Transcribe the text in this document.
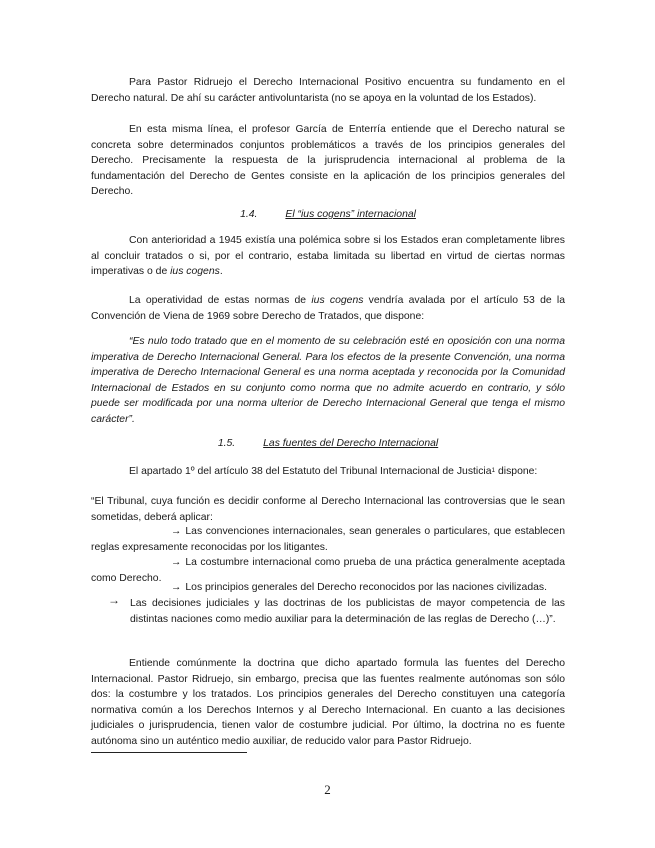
Para Pastor Ridruejo el Derecho Internacional Positivo encuentra su fundamento en el Derecho natural. De ahí su carácter antivoluntarista (no se apoya en la voluntad de los Estados).

En esta misma línea, el profesor García de Enterría entiende que el Derecho natural se concreta sobre determinados conjuntos problemáticos a través de los principios generales del Derecho. Precisamente la respuesta de la jurisprudencia internacional al problema de la fundamentación del Derecho de Gentes consiste en la aplicación de los principios generales del Derecho.

1.4.	El “ius cogens” internacional

Con anterioridad a 1945 existía una polémica sobre si los Estados eran completamente libres al concluir tratados o si, por el contrario, estaba limitada su libertad en virtud de ciertas normas imperativas o de ius cogens.

La operatividad de estas normas de ius cogens vendría avalada por el artículo 53 de la Convención de Viena de 1969 sobre Derecho de Tratados, que dispone:

“Es nulo todo tratado que en el momento de su celebración esté en oposición con una norma imperativa de Derecho Internacional General. Para los efectos de la presente Convención, una norma imperativa de Derecho Internacional General es una norma aceptada y reconocida por la Comunidad Internacional de Estados en su conjunto como norma que no admite acuerdo en contrario, y sólo puede ser modificada por una norma ulterior de Derecho Internacional General que tenga el mismo carácter”.

1.5.	Las fuentes del Derecho Internacional

El apartado 1º del artículo 38 del Estatuto del Tribunal Internacional de Justicia$^1$ dispone:

“El Tribunal, cuya función es decidir conforme al Derecho Internacional las controversias que le sean sometidas, deberá aplicar:

→ Las convenciones internacionales, sean generales o particulares, que establecen reglas expresamente reconocidas por los litigantes.

→ La costumbre internacional como prueba de una práctica generalmente aceptada como Derecho.

→ Los principios generales del Derecho reconocidos por las naciones civilizadas.

→ Las decisiones judiciales y las doctrinas de los publicistas de mayor competencia de las distintas naciones como medio auxiliar para la determinación de las reglas de Derecho (…)”.

Entiende comúnmente la doctrina que dicho apartado formula las fuentes del Derecho Internacional. Pastor Ridruejo, sin embargo, precisa que las fuentes realmente autónomas son sólo dos: la costumbre y los tratados. Los principios generales del Derecho constituyen una categoría normativa común a los Derechos Internos y al Derecho Internacional. En cuanto a las decisiones judiciales o jurisprudencia, tienen valor de costumbre judicial. Por último, la doctrina no es fuente autónoma sino un auténtico medio auxiliar, de reducido valor para Pastor Ridruejo.

2
